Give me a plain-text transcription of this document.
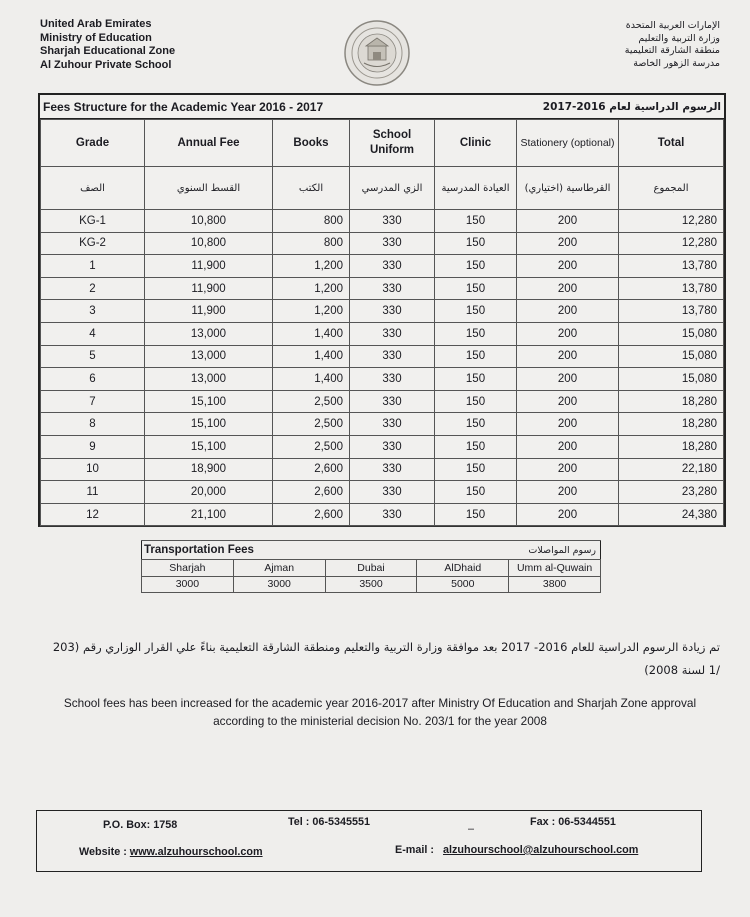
United Arab Emirates
Ministry of Education
Sharjah Educational Zone
Al Zuhour Private School
الإمارات العربية المتحدة
وزارة التربية والتعليم
منطقة الشارقة التعليمية
مدرسة الزهور الخاصة
Fees Structure for the Academic Year 2016 - 2017	الرسوم الدراسية لعام 2016-2017
Grade	Annual Fee	Books	School Uniform	Clinic	Stationery (optional)	Total
الصف	القسط السنوي	الكتب	الزي المدرسي	العيادة المدرسية	القرطاسية (اختياري)	المجموع
KG-1	10,800	800	330	150	200	12,280
KG-2	10,800	800	330	150	200	12,280
1	11,900	1,200	330	150	200	13,780
2	11,900	1,200	330	150	200	13,780
3	11,900	1,200	330	150	200	13,780
4	13,000	1,400	330	150	200	15,080
5	13,000	1,400	330	150	200	15,080
6	13,000	1,400	330	150	200	15,080
7	15,100	2,500	330	150	200	18,280
8	15,100	2,500	330	150	200	18,280
9	15,100	2,500	330	150	200	18,280
10	18,900	2,600	330	150	200	22,180
11	20,000	2,600	330	150	200	23,280
12	21,100	2,600	330	150	200	24,380
Transportation Fees			رسوم المواصلات	
Sharjah	Ajman	Dubai	AlDhaid	Umm al-Quwain
3000	3000	3500	5000	3800
تم زيادة الرسوم الدراسية للعام 2016- 2017 بعد موافقة وزارة التربية والتعليم ومنطقة الشارقة التعليمية بناءً علي القرار الوزاري رقم (203 /1 لسنة 2008)
School fees has been increased for the academic year 2016-2017 after Ministry Of Education and Sharjah Zone approval
according to the ministerial decision No. 203/1 for the year 2008
P.O. Box: 1758	Tel : 06-5345551
–
Fax : 06-5344551
Website : www.alzuhourschool.com	E-mail : alzuhourschool@alzuhourschool.com
